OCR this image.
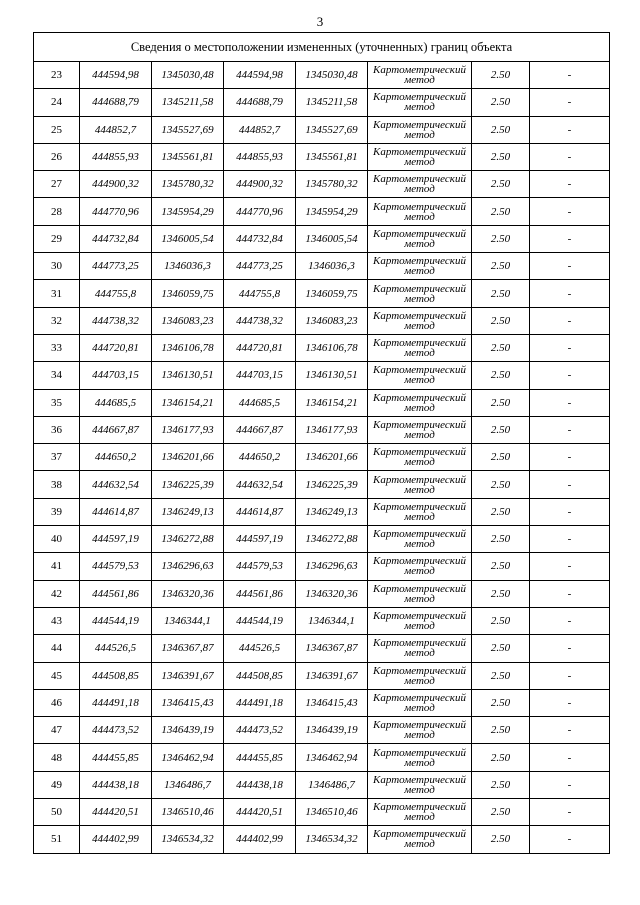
3
Сведения о местоположении измененных (уточненных) границ объекта							
23	444594,98	1345030,48	444594,98	1345030,48	Картометрический
метод	2.50	-
24	444688,79	1345211,58	444688,79	1345211,58	Картометрический
метод	2.50	-
25	444852,7	1345527,69	444852,7	1345527,69	Картометрический
метод	2.50	-
26	444855,93	1345561,81	444855,93	1345561,81	Картометрический
метод	2.50	-
27	444900,32	1345780,32	444900,32	1345780,32	Картометрический
метод	2.50	-
28	444770,96	1345954,29	444770,96	1345954,29	Картометрический
метод	2.50	-
29	444732,84	1346005,54	444732,84	1346005,54	Картометрический
метод	2.50	-
30	444773,25	1346036,3	444773,25	1346036,3	Картометрический
метод	2.50	-
31	444755,8	1346059,75	444755,8	1346059,75	Картометрический
метод	2.50	-
32	444738,32	1346083,23	444738,32	1346083,23	Картометрический
метод	2.50	-
33	444720,81	1346106,78	444720,81	1346106,78	Картометрический
метод	2.50	-
34	444703,15	1346130,51	444703,15	1346130,51	Картометрический
метод	2.50	-
35	444685,5	1346154,21	444685,5	1346154,21	Картометрический
метод	2.50	-
36	444667,87	1346177,93	444667,87	1346177,93	Картометрический
метод	2.50	-
37	444650,2	1346201,66	444650,2	1346201,66	Картометрический
метод	2.50	-
38	444632,54	1346225,39	444632,54	1346225,39	Картометрический
метод	2.50	-
39	444614,87	1346249,13	444614,87	1346249,13	Картометрический
метод	2.50	-
40	444597,19	1346272,88	444597,19	1346272,88	Картометрический
метод	2.50	-
41	444579,53	1346296,63	444579,53	1346296,63	Картометрический
метод	2.50	-
42	444561,86	1346320,36	444561,86	1346320,36	Картометрический
метод	2.50	-
43	444544,19	1346344,1	444544,19	1346344,1	Картометрический
метод	2.50	-
44	444526,5	1346367,87	444526,5	1346367,87	Картометрический
метод	2.50	-
45	444508,85	1346391,67	444508,85	1346391,67	Картометрический
метод	2.50	-
46	444491,18	1346415,43	444491,18	1346415,43	Картометрический
метод	2.50	-
47	444473,52	1346439,19	444473,52	1346439,19	Картометрический
метод	2.50	-
48	444455,85	1346462,94	444455,85	1346462,94	Картометрический
метод	2.50	-
49	444438,18	1346486,7	444438,18	1346486,7	Картометрический
метод	2.50	-
50	444420,51	1346510,46	444420,51	1346510,46	Картометрический
метод	2.50	-
51	444402,99	1346534,32	444402,99	1346534,32	Картометрический
метод	2.50	-
